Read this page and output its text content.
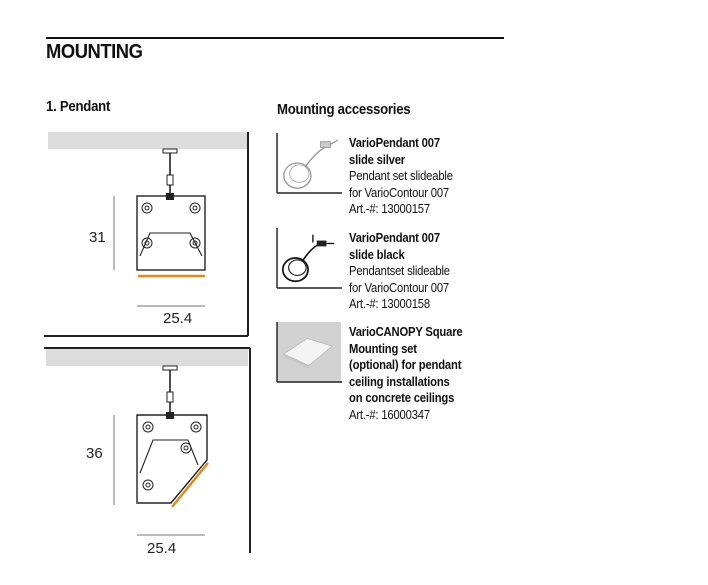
MOUNTING
1. Pendant
31
25.4
36
25.4
Mounting accessories
VarioPendant 007
slide silver
Pendant set slideable
for VarioContour 007
Art.-#: 13000157
VarioPendant 007
slide black
Pendantset slideable
for VarioContour 007
Art.-#: 13000158
VarioCANOPY Square
Mounting set
(optional) for pendant
ceiling installations
on concrete ceilings
Art.-#: 16000347
